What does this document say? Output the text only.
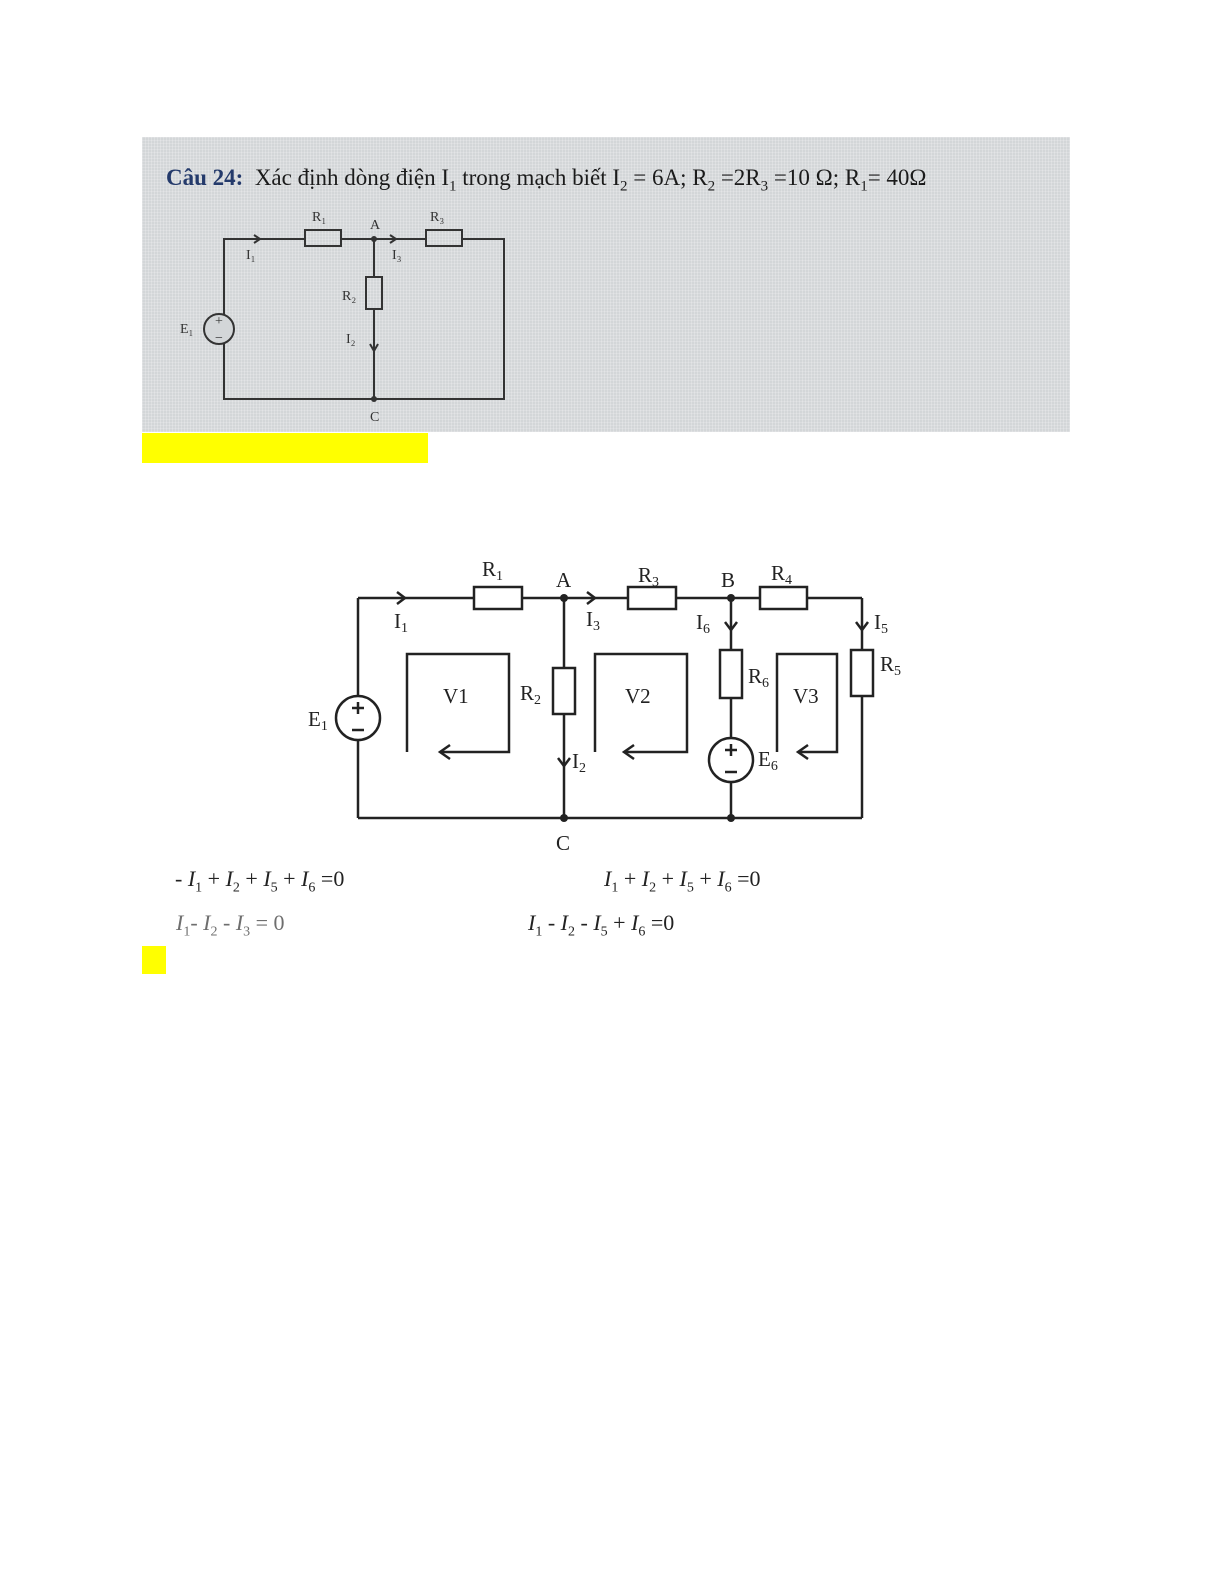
Câu 24: Xác định dòng điện $I_1$ trong mạch biết $I_2 = 6A$; $R_2 =2R_3 =10$ Ω; $R_1= 40\Omega$
+
−
R₁	R₃
A
I₁	I₃
R₂
I₂
E₁
C
R1	R3	R4
R2
R6
R5
I1	I3	I6	I5
I2
E1
E6
A	B
C
V1	V2	V3
- $I_1 + I_2 + I_5 + I_6 =0$	$I_1 + I_2 + I_5 + I_6 =0$
$I_1-$ $I_2 - I_3 = 0$	$I_1 - I_2 - I_5 + I_6 =0$
